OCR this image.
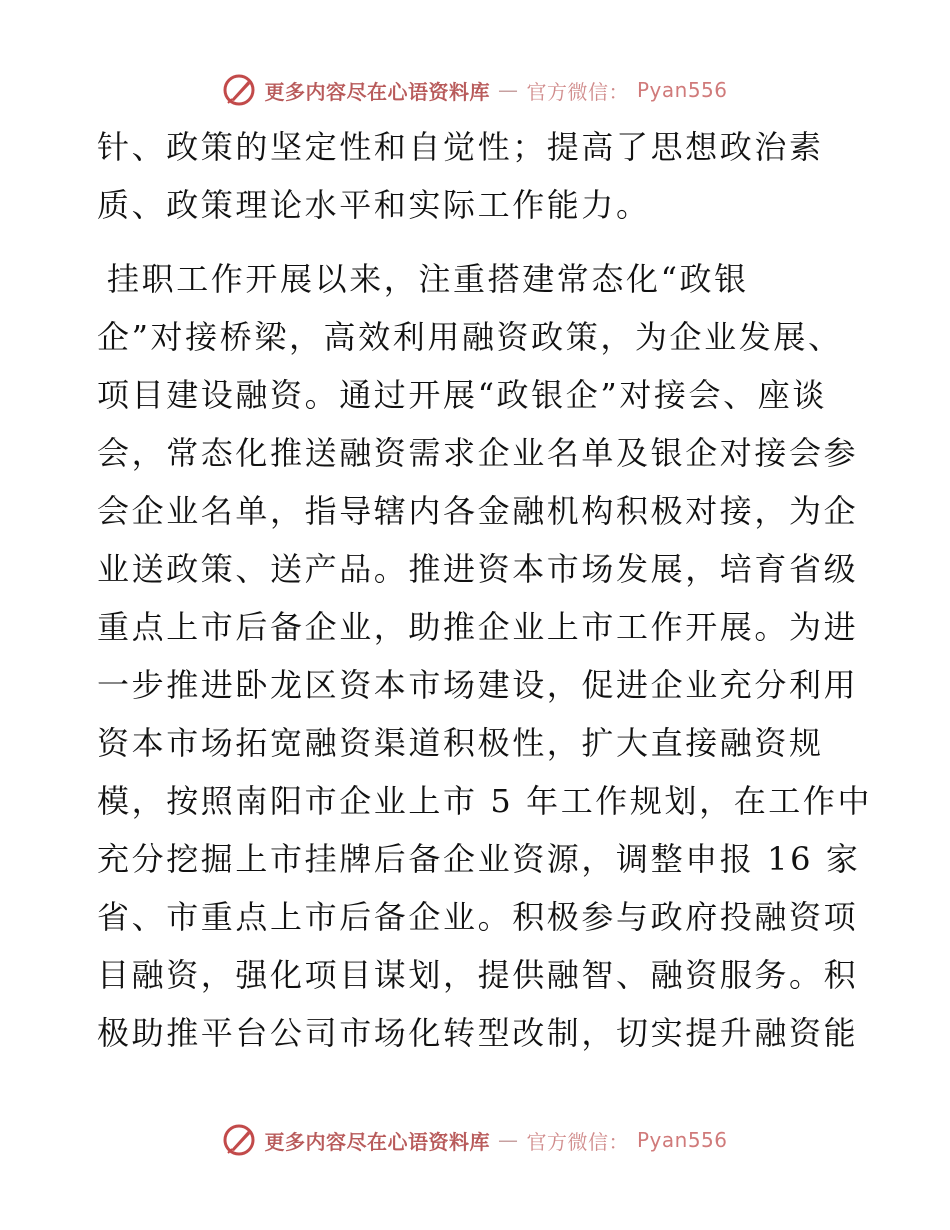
更多内容尽在心语资料库 — 官方微信： Pyan556
针、政策的坚定性和自觉性；提高了思想政治素
质、政策理论水平和实际工作能力。
挂职工作开展以来，注重搭建常态化“政银
企”对接桥梁，高效利用融资政策，为企业发展、
项目建设融资。通过开展“政银企”对接会、座谈
会，常态化推送融资需求企业名单及银企对接会参
会企业名单，指导辖内各金融机构积极对接，为企
业送政策、送产品。推进资本市场发展，培育省级
重点上市后备企业，助推企业上市工作开展。为进
一步推进卧龙区资本市场建设，促进企业充分利用
资本市场拓宽融资渠道积极性，扩大直接融资规
模，按照南阳市企业上市 5 年工作规划，在工作中
充分挖掘上市挂牌后备企业资源，调整申报 16 家
省、市重点上市后备企业。积极参与政府投融资项
目融资，强化项目谋划，提供融智、融资服务。积
极助推平台公司市场化转型改制，切实提升融资能
更多内容尽在心语资料库 — 官方微信： Pyan556
